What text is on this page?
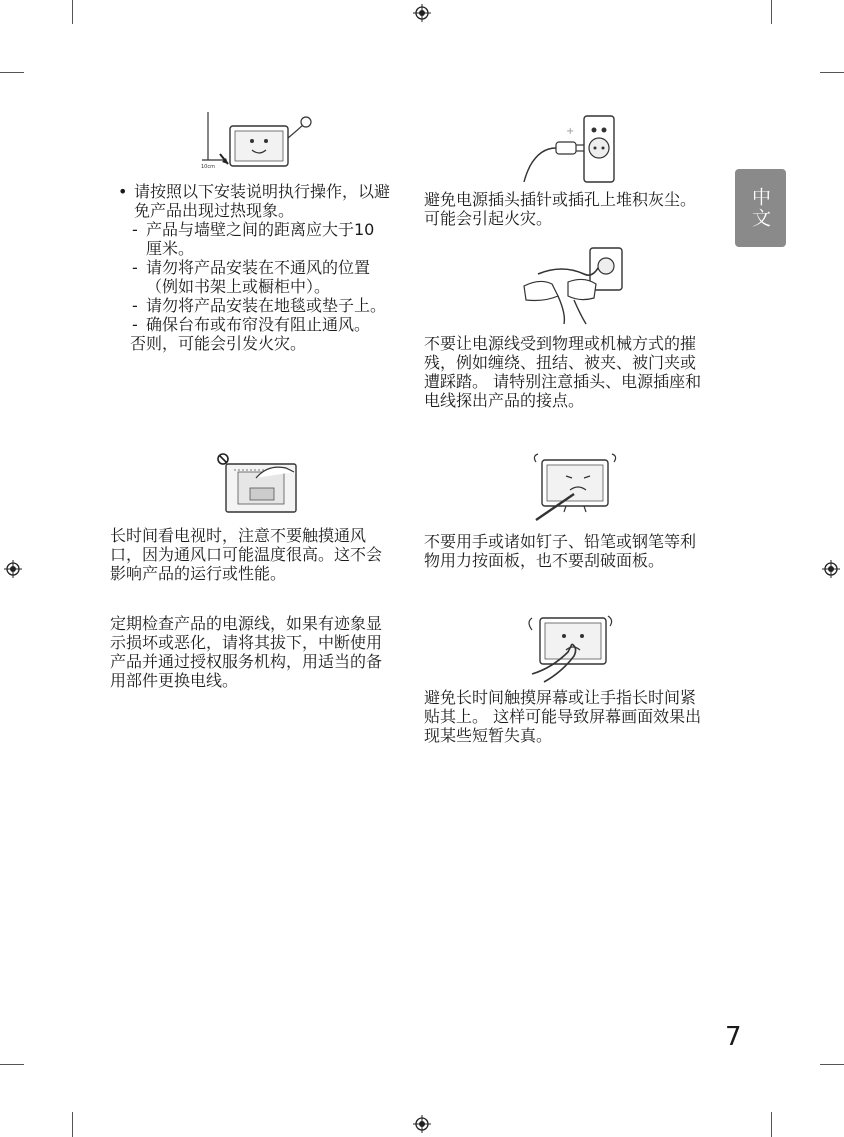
中文
10cm
• 请按照以下安装说明执行操作，以避免产品出现过热现象。
- 产品与墙壁之间的距离应大于10 厘米。
- 请勿将产品安装在不通风的位置（例如书架上或橱柜中）。
- 请勿将产品安装在地毯或垫子上。
- 确保台布或布帘没有阻止通风。

否则，可能会引发火灾。

长时间看电视时，注意不要触摸通风口，因为通风口可能温度很高。这不会影响产品的运行或性能。

定期检查产品的电源线，如果有迹象显示损坏或恶化，请将其拔下，中断使用产品并通过授权服务机构，用适当的备用部件更换电线。

+

避免电源插头插针或插孔上堆积灰尘。 可能会引起火灾。

不要让电源线受到物理或机械方式的摧残，例如缠绕、扭结、被夹、被门夹或遭踩踏。 请特别注意插头、电源插座和电线探出产品的接点。

不要用手或诸如钉子、铅笔或钢笔等利物用力按面板，也不要刮破面板。

避免长时间触摸屏幕或让手指长时间紧贴其上。 这样可能导致屏幕画面效果出现某些短暂失真。

7
